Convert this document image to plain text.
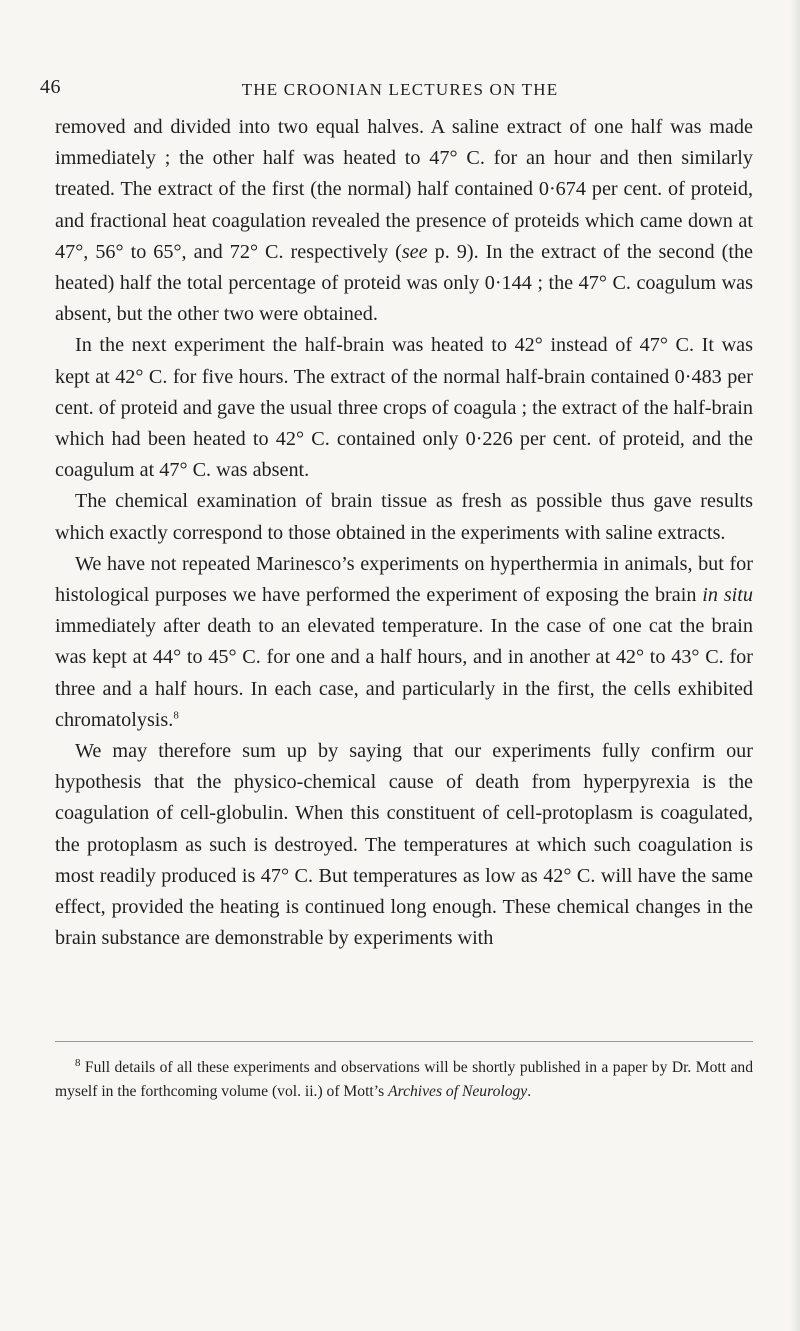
46	THE CROONIAN LECTURES ON THE

removed and divided into two equal halves. A saline extract of one half was made immediately ; the other half was heated to 47° C. for an hour and then similarly treated. The extract of the first (the normal) half contained 0·674 per cent. of proteid, and fractional heat coagulation revealed the presence of proteids which came down at 47°, 56° to 65°, and 72° C. respectively (see p. 9). In the extract of the second (the heated) half the total percentage of proteid was only 0·144 ; the 47° C. coagulum was absent, but the other two were obtained.

In the next experiment the half-brain was heated to 42° instead of 47° C. It was kept at 42° C. for five hours. The extract of the normal half-brain contained 0·483 per cent. of proteid and gave the usual three crops of coagula ; the extract of the half-brain which had been heated to 42° C. contained only 0·226 per cent. of proteid, and the coagulum at 47° C. was absent.

The chemical examination of brain tissue as fresh as possible thus gave results which exactly correspond to those obtained in the experiments with saline extracts.

We have not repeated Marinesco’s experiments on hyperthermia in animals, but for histological purposes we have performed the experiment of exposing the brain in situ immediately after death to an elevated temperature. In the case of one cat the brain was kept at 44° to 45° C. for one and a half hours, and in another at 42° to 43° C. for three and a half hours. In each case, and particularly in the first, the cells exhibited chromatolysis.$^8$

We may therefore sum up by saying that our experiments fully confirm our hypothesis that the physico-chemical cause of death from hyperpyrexia is the coagulation of cell-globulin. When this constituent of cell-protoplasm is coagulated, the protoplasm as such is destroyed. The temperatures at which such coagulation is most readily produced is 47° C. But temperatures as low as 42° C. will have the same effect, provided the heating is continued long enough. These chemical changes in the brain substance are demonstrable by experiments with

$^8$ Full details of all these experiments and observations will be shortly published in a paper by Dr. Mott and myself in the forthcoming volume (vol. ii.) of Mott’s Archives of Neurology.
